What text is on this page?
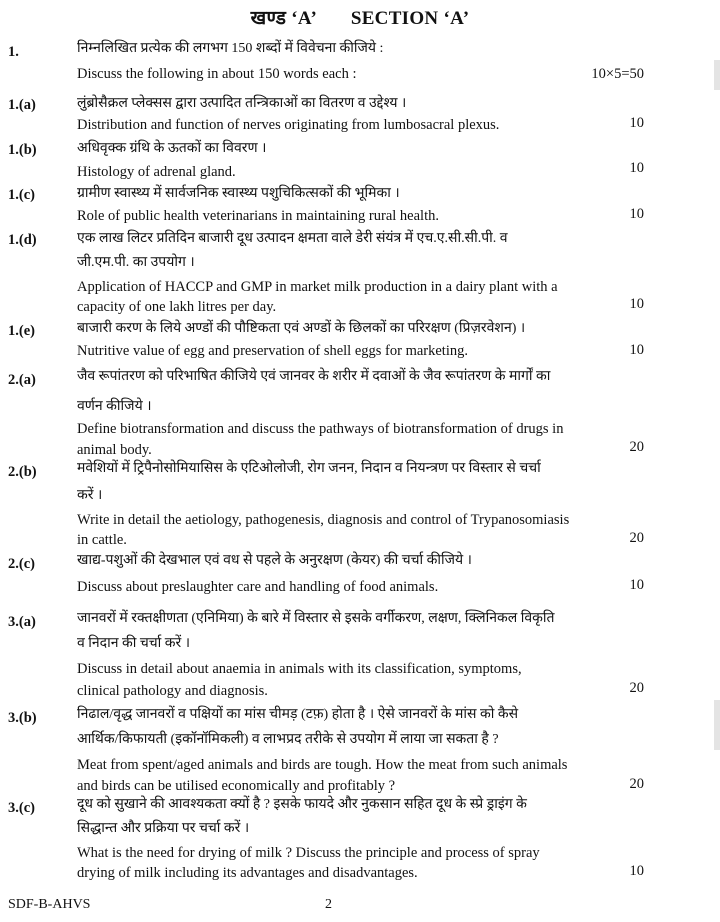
खण्ड ‘A’ SECTION ‘A’
1.	निम्नलिखित प्रत्येक की लगभग 150 शब्दों में विवेचना कीजिये :
Discuss the following in about 150 words each :	10×5=50
1.(a)	लुंब्रोसैक्रल प्लेक्सस द्वारा उत्पादित तन्त्रिकाओं का वितरण व उद्देश्य ।
Distribution and function of nerves originating from lumbosacral plexus.	10
1.(b)	अधिवृक्क ग्रंथि के ऊतकों का विवरण ।
Histology of adrenal gland.	10
1.(c)	ग्रामीण स्वास्थ्य में सार्वजनिक स्वास्थ्य पशुचिकित्सकों की भूमिका ।
Role of public health veterinarians in maintaining rural health.	10
1.(d)	एक लाख लिटर प्रतिदिन बाजारी दूध उत्पादन क्षमता वाले डेरी संयंत्र में एच.ए.सी.सी.पी. व
जी.एम.पी. का उपयोग ।
Application of HACCP and GMP in market milk production in a dairy plant with a
capacity of one lakh litres per day.	10
1.(e)	बाजारी करण के लिये अण्डों की पौष्टिकता एवं अण्डों के छिलकों का परिरक्षण (प्रिज़रवेशन) ।
Nutritive value of egg and preservation of shell eggs for marketing.	10
2.(a)	जैव रूपांतरण को परिभाषित कीजिये एवं जानवर के शरीर में दवाओं के जैव रूपांतरण के मार्गों का
वर्णन कीजिये ।
Define biotransformation and discuss the pathways of biotransformation of drugs in
animal body.	20
2.(b)	मवेशियों में ट्रिपैनोसोमियासिस के एटिओलोजी, रोग जनन, निदान व नियन्त्रण पर विस्तार से चर्चा
करें ।
Write in detail the aetiology, pathogenesis, diagnosis and control of Trypanosomiasis
in cattle.	20
2.(c)	खाद्य-पशुओं की देखभाल एवं वध से पहले के अनुरक्षण (केयर) की चर्चा कीजिये ।
Discuss about preslaughter care and handling of food animals.	10
3.(a)	जानवरों में रक्तक्षीणता (एनिमिया) के बारे में विस्तार से इसके वर्गीकरण, लक्षण, क्लिनिकल विकृति
व निदान की चर्चा करें ।
Discuss in detail about anaemia in animals with its classification, symptoms,
clinical pathology and diagnosis.	20
3.(b)	निढाल/वृद्ध जानवरों व पक्षियों का मांस चीमड़ (टफ़) होता है । ऐसे जानवरों के मांस को कैसे
आर्थिक/किफायती (इकॉनॉमिकली) व लाभप्रद तरीके से उपयोग में लाया जा सकता है ?
Meat from spent/aged animals and birds are tough. How the meat from such animals
and birds can be utilised economically and profitably ?	20
3.(c)	दूध को सुखाने की आवश्यकता क्यों है ? इसके फायदे और नुकसान सहित दूध के स्प्रे ड्राइंग के
सिद्धान्त और प्रक्रिया पर चर्चा करें ।
What is the need for drying of milk ? Discuss the principle and process of spray
drying of milk including its advantages and disadvantages.	10
SDF-B-AHVS	2
